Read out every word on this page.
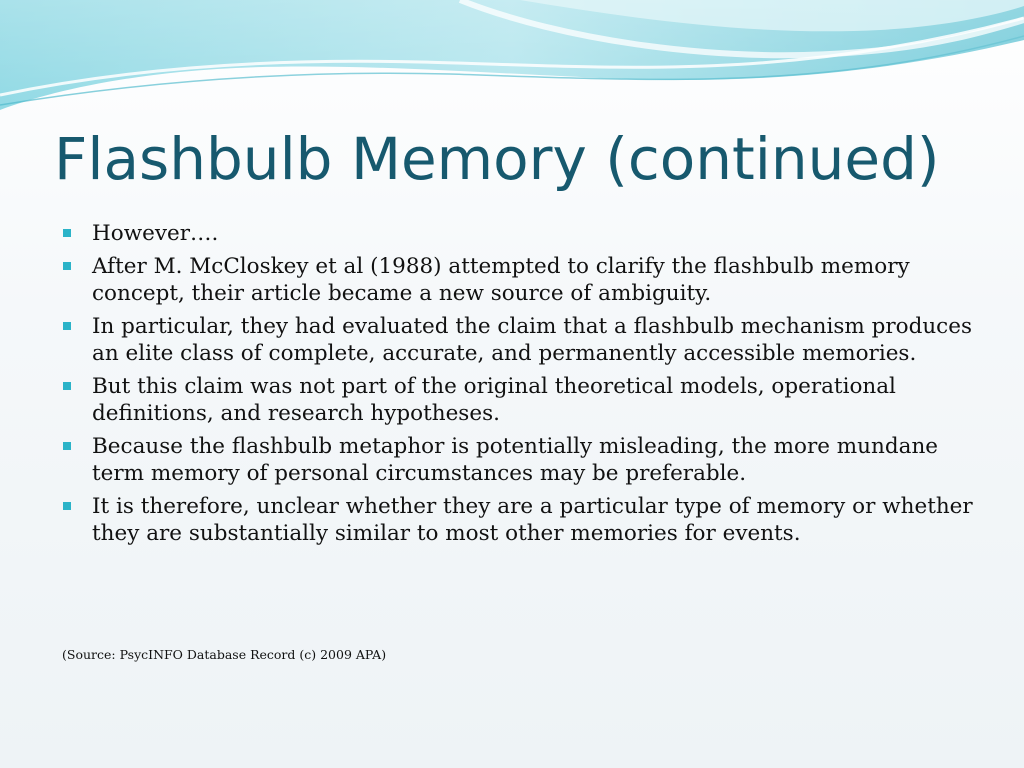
Flashbulb Memory (continued)
However….
After M. McCloskey et al (1988) attempted to clarify the flashbulb memory concept, their article became a new source of ambiguity.
In particular, they had evaluated the claim that a flashbulb mechanism produces an elite class of complete, accurate, and permanently accessible memories.
But this claim was not part of the original theoretical models, operational definitions, and research hypotheses.
Because the flashbulb metaphor is potentially misleading, the more mundane term memory of personal circumstances may be preferable.
It is therefore, unclear whether they are a particular type of memory or whether they are substantially similar to most other memories for events.
(Source: PsycINFO Database Record (c) 2009 APA)
